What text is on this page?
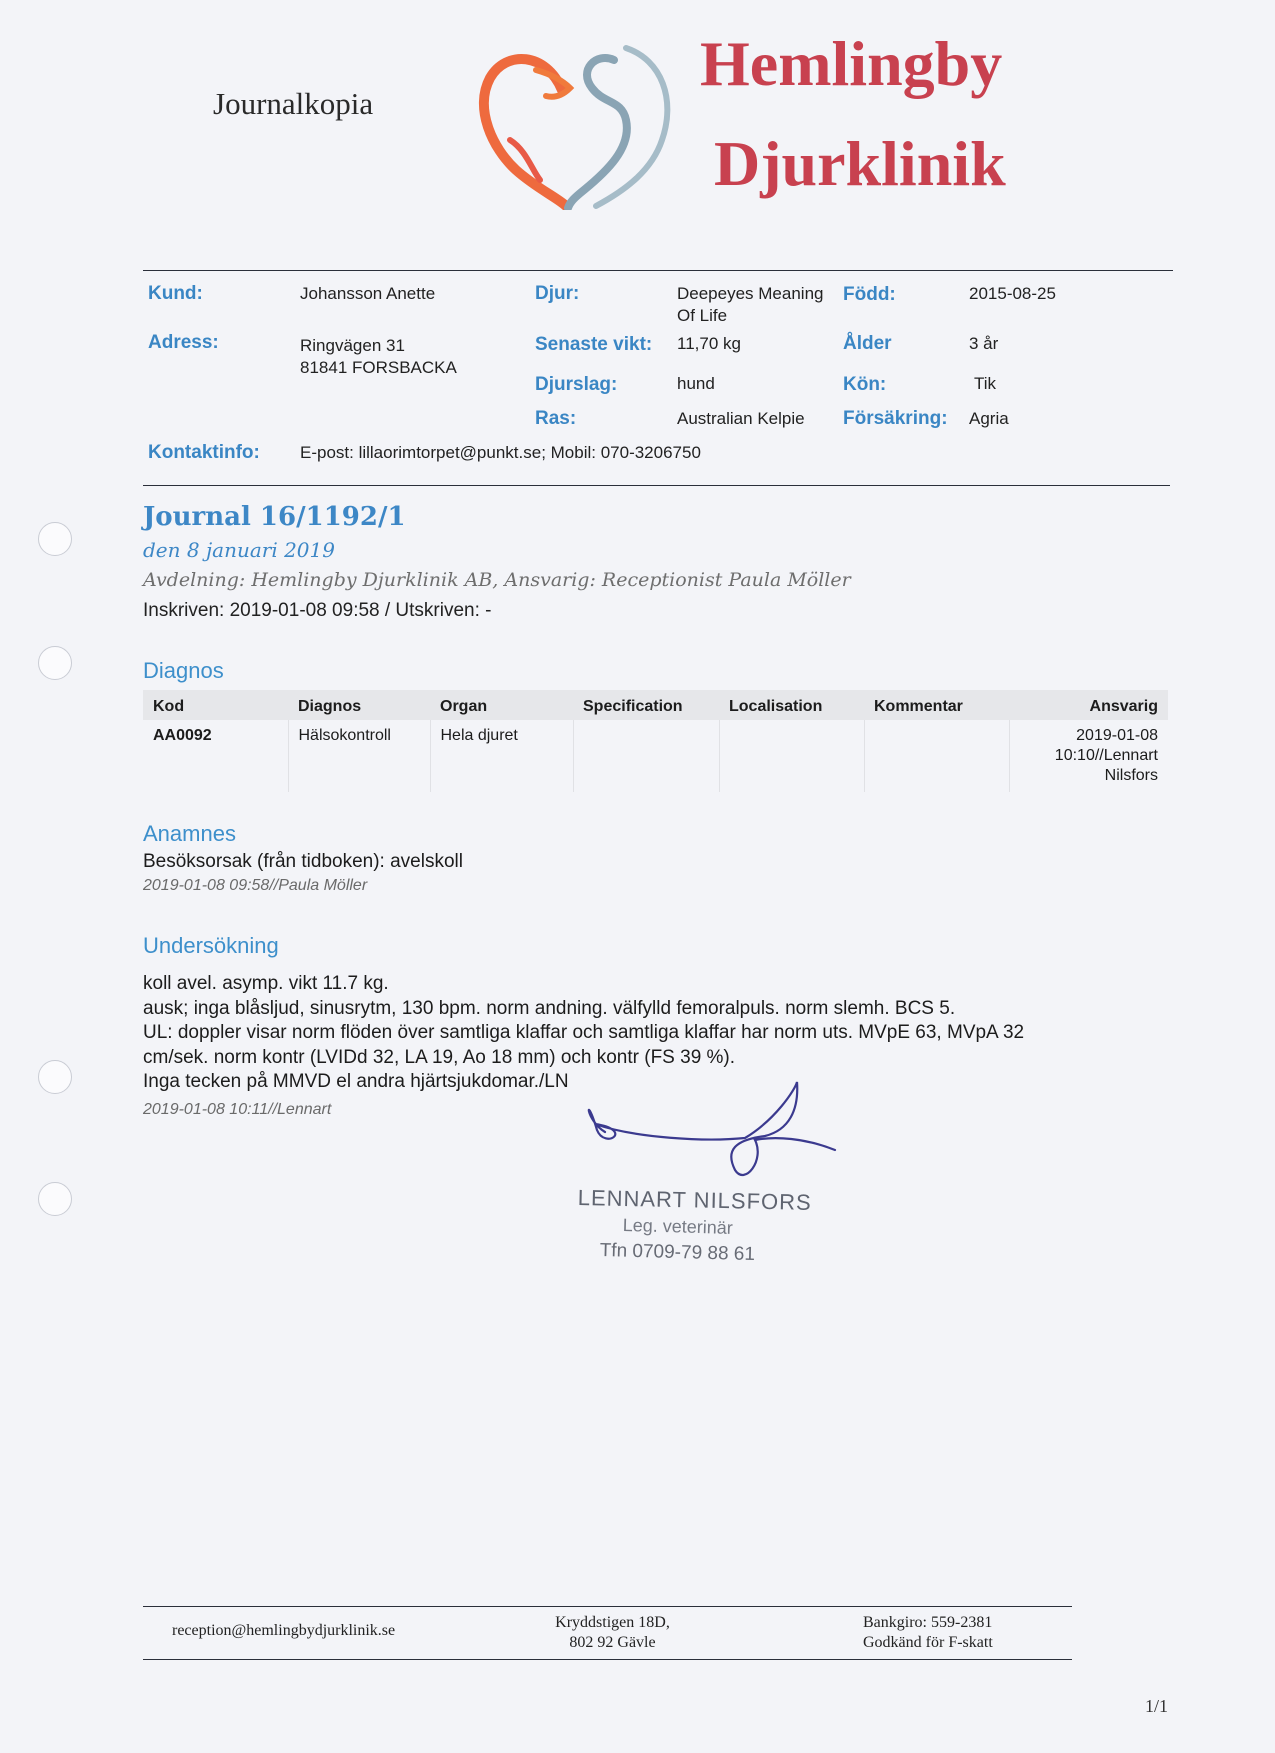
Journalkopia
Hemlingby
Djurklinik
Kund:	Johansson Anette
Adress:	Ringvägen 31
81841 FORSBACKA
Kontaktinfo: E-post: lillaorimtorpet@punkt.se; Mobil: 070-3206750
Djur:	Deepeyes Meaning
Of Life
Senaste vikt: 11,70 kg
Djurslag:	hund
Ras:	Australian Kelpie
Född:	2015-08-25
Ålder	3 år
Kön:	Tik
Försäkring: Agria
Journal 16/1192/1
den 8 januari 2019
Avdelning: Hemlingby Djurklinik AB, Ansvarig: Receptionist Paula Möller
Inskriven: 2019-01-08 09:58 / Utskriven: -
Diagnos
Kod	Diagnos	Organ	Specification	Localisation	Kommentar	Ansvarig
AA0092	Hälsokontroll	Hela djuret				2019-01-08
10:10//Lennart
Nilsfors
Anamnes
Besöksorsak (från tidboken): avelskoll
2019-01-08 09:58//Paula Möller
Undersökning
koll avel. asymp. vikt 11.7 kg.
ausk; inga blåsljud, sinusrytm, 130 bpm. norm andning. välfylld femoralpuls. norm slemh. BCS 5.
UL: doppler visar norm flöden över samtliga klaffar och samtliga klaffar har norm uts. MVpE 63, MVpA 32
cm/sek. norm kontr (LVIDd 32, LA 19, Ao 18 mm) och kontr (FS 39 %).
Inga tecken på MMVD el andra hjärtsjukdomar./LN
2019-01-08 10:11//Lennart
LENNART NILSFORS
Leg. veterinär
Tfn 0709-79 88 61
reception@hemlingbydjurklinik.se	Kryddstigen 18D,
802 92 Gävle
Bankgiro: 559-2381
Godkänd för F-skatt
1/1
